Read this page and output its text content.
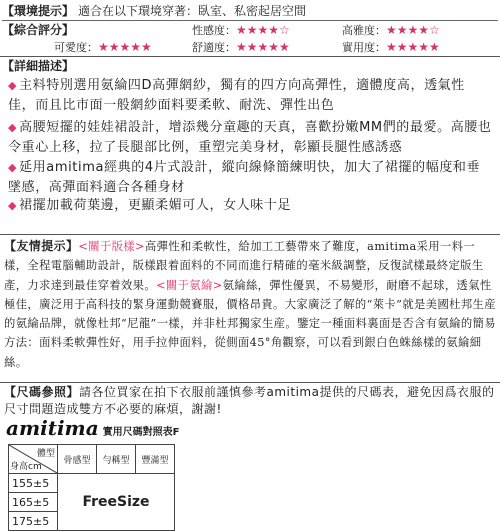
【環境提示】 適合在以下環境穿著：臥室、私密起居空間
【綜合評分】	性感度：★★★★☆	高雅度：★★★★☆
可愛度：★★★★★	舒適度：★★★★★	實用度：★★★★★
【詳細描述】
◆ 主料特別選用氨綸四D高彈網紗，獨有的四方向高彈性，適體度高，透氣性佳，而且比市面一般網紗面料要柔軟、耐洗、彈性出色
◆ 高腰短擺的娃娃裙設計，增添幾分童趣的天真，喜歡扮嫩MM們的最愛。高腰也令重心上移，拉了長腿部比例，重塑完美身材，彰顯長腿性感誘惑
◆ 延用amitima經典的4片式設計，縱向線條簡練明快，加大了裙擺的幅度和垂墜感，高彈面料適合各種身材
◆ 裙擺加載荷葉邊，更顯柔媚可人，女人味十足
【友情提示】<關于版樣>高彈性和柔軟性，給加工工藝帶來了難度，amitima采用一料一樣，全程電腦輔助設計，版樣跟着面料的不同而進行精確的毫米級調整，反復試樣最終定版生產，力求達到最佳穿着效果。<關于氨綸>氨綸絲，彈性優異，不易變形，耐磨不起球，透氣性極佳，廣泛用于高科技的緊身運動競賽服，價格昂貴。大家廣泛了解的“萊卡”就是美國杜邦生産的氨綸品牌，就像杜邦“尼龍”一樣，并非杜邦獨家生産。鑒定一種面料裏面是否含有氨綸的簡易方法：面料柔軟彈性好，用手拉伸面料，從側面45°角觀察，可以看到銀白色蛛絲樣的氨綸細絲。
【尺碼參照】請各位買家在拍下衣服前謹慎參考amitima提供的尺碼表，避免因爲衣服的尺寸問題造成雙方不必要的麻煩，謝謝!
amitima 實用尺碼對照表F
體型
身高cm	骨感型	勻稱型	豐滿型
155±5	FreeSize		
165±5			
175±5			
